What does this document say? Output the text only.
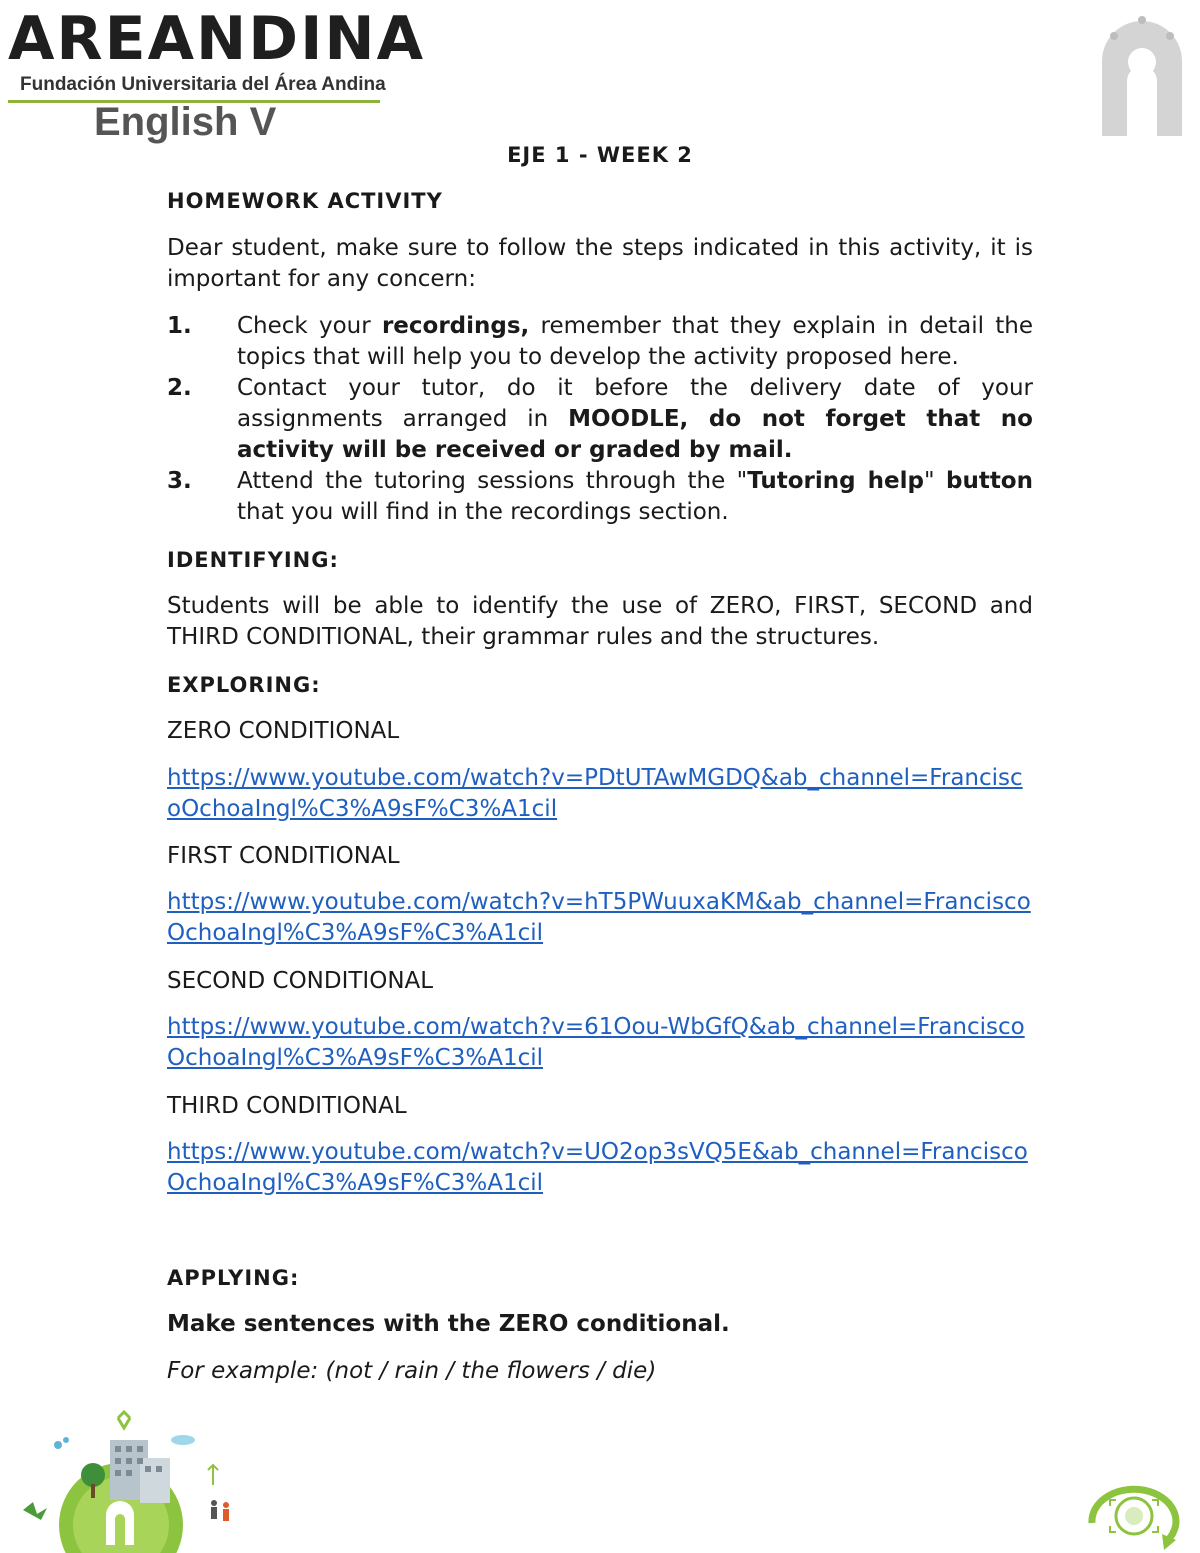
AREANDINA
Fundación Universitaria del Área Andina
English V
EJE 1 - WEEK 2
HOMEWORK ACTIVITY
Dear student, make sure to follow the steps indicated in this activity, it is important for any concern:
1. Check your recordings, remember that they explain in detail the topics that will help you to develop the activity proposed here.
2. Contact your tutor, do it before the delivery date of your assignments arranged in MOODLE, do not forget that no activity will be received or graded by mail.
3. Attend the tutoring sessions through the "Tutoring help" button that you will find in the recordings section.
IDENTIFYING:
Students will be able to identify the use of ZERO, FIRST, SECOND and THIRD CONDITIONAL, their grammar rules and the structures.
EXPLORING:
ZERO CONDITIONAL
https://www.youtube.com/watch?v=PDtUTAwMGDQ&ab_channel=FranciscoOchoaIngl%C3%A9sF%C3%A1cil
FIRST CONDITIONAL
https://www.youtube.com/watch?v=hT5PWuuxaKM&ab_channel=FranciscoOchoaIngl%C3%A9sF%C3%A1cil
SECOND CONDITIONAL
https://www.youtube.com/watch?v=61Oou-WbGfQ&ab_channel=FranciscoOchoaIngl%C3%A9sF%C3%A1cil
THIRD CONDITIONAL
https://www.youtube.com/watch?v=UO2op3sVQ5E&ab_channel=FranciscoOchoaIngl%C3%A9sF%C3%A1cil
APPLYING:
Make sentences with the ZERO conditional.
For example: (not / rain / the flowers / die)
